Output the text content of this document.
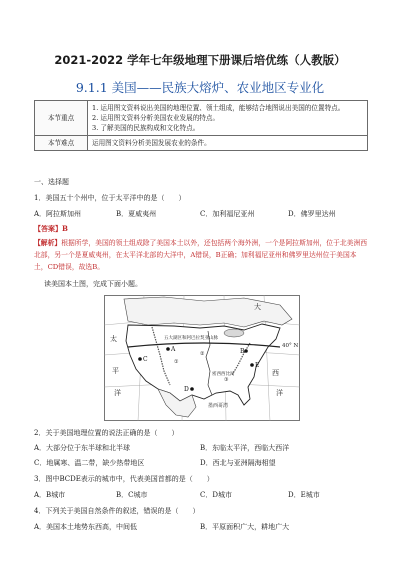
2021-2022 学年七年级地理下册课后培优练（人教版）
9.1.1 美国——民族大熔炉、农业地区专业化
本节重点	1. 运用图文资料说出美国的地理位置、领土组成，能够结合地图说出美国的位置特点。
2. 运用图文资料分析美国农业发展的特点。
3. 了解美国的民族构成和文化特点。

本节难点	运用图文资料分析美国发展农业的条件。
一、选择题
1．美国五十个州中，位于太平洋中的是（　　）
A．阿拉斯加州	B．夏威夷州	C．加利福尼亚州	D．佛罗里达州
【答案】B
【解析】根据所学，美国的领土组成除了美国本土以外，还包括两个海外洲，一个是阿拉斯加州，位于北美洲西北部，另一个是夏威夷州，在太平洋北部的大洋中，A错误，B正确；加利福尼亚州和佛罗里达州位于美国本土，CD错误，故选B。
读美国本土图，完成下面小题。
大
太
平
洋
40° N
墨西哥湾
西
洋
B
C
D
E
A
五大湖区和阿巴拉契亚山脉
密西西比河
①
②
③
2．关于美国地理位置的说法正确的是（　　）
A．大部分位于东半球和北半球	B．东临太平洋，西临大西洋
C．地属寒、温二带，缺少热带地区	D．西北与亚洲隔海相望
3．图中BCDE表示的城市中，代表美国首都的是（　　）
A．B城市	B．C城市	C．D城市	D．E城市
4．下列关于美国自然条件的叙述，错误的是（　　）
A．美国本土地势东西高，中间低	B．平原面积广大，耕地广大
